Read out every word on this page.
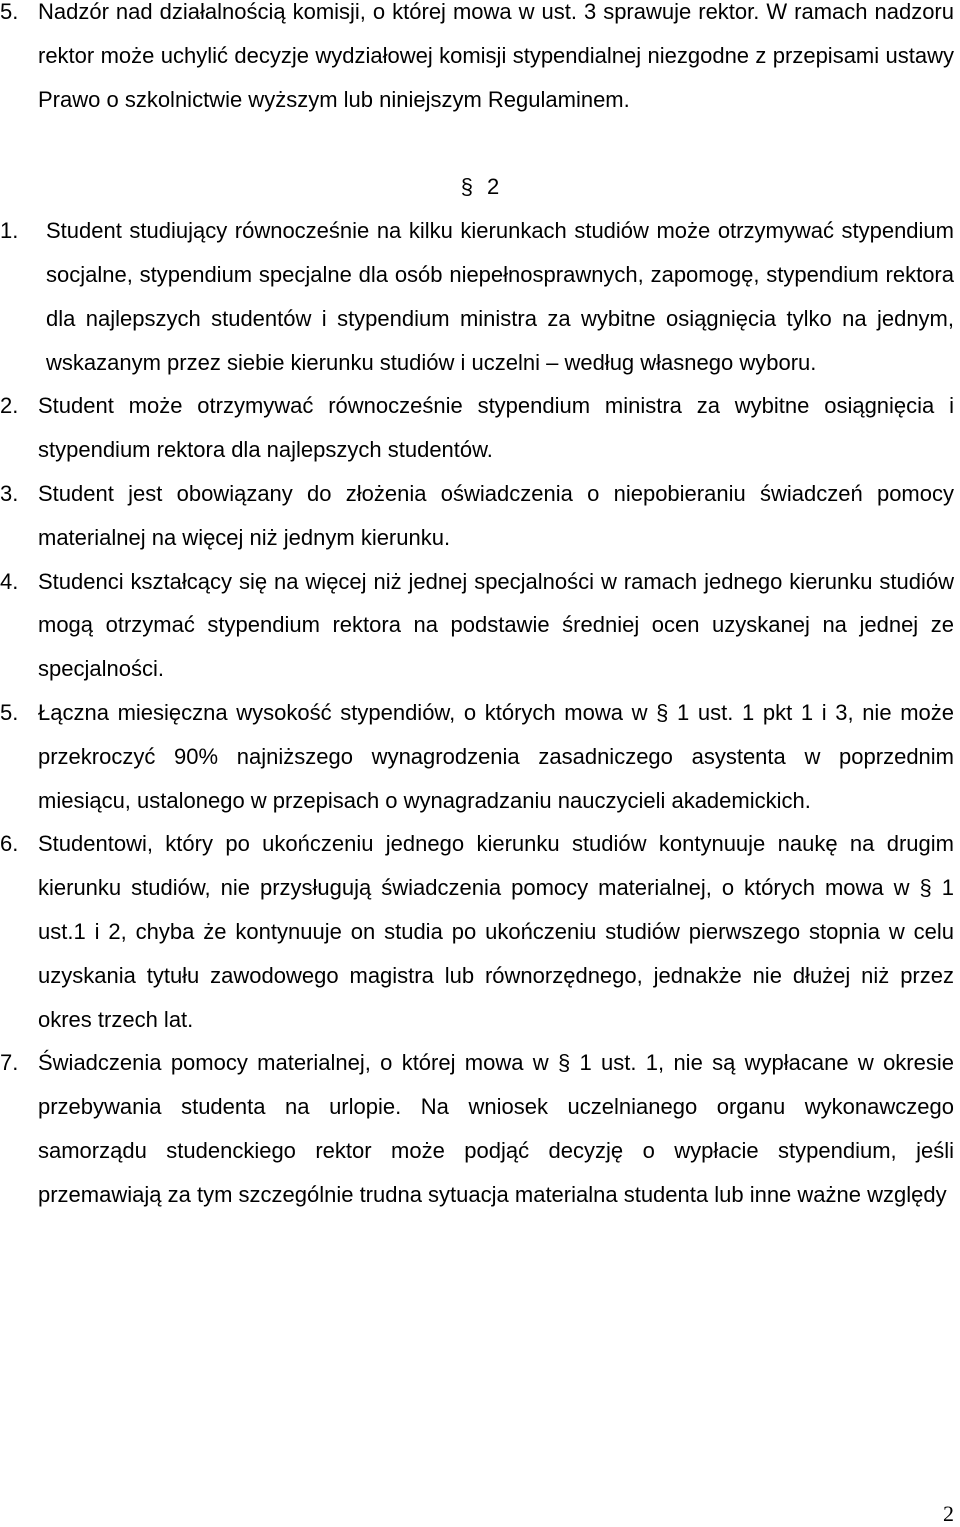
5. Nadzór nad działalnością komisji, o której mowa w ust. 3 sprawuje rektor. W ramach nadzoru rektor może uchylić decyzje wydziałowej komisji stypendialnej niezgodne z przepisami ustawy Prawo o szkolnictwie wyższym lub niniejszym Regulaminem.

§ 2

1. Student studiujący równocześnie na kilku kierunkach studiów może otrzymywać stypendium socjalne, stypendium specjalne dla osób niepełnosprawnych, zapomogę, stypendium rektora dla najlepszych studentów i stypendium ministra za wybitne osiągnięcia tylko na jednym, wskazanym przez siebie kierunku studiów i uczelni – według własnego wyboru.

2. Student może otrzymywać równocześnie stypendium ministra za wybitne osiągnięcia i stypendium rektora dla najlepszych studentów.

3. Student jest obowiązany do złożenia oświadczenia o niepobieraniu świadczeń pomocy materialnej na więcej niż jednym kierunku.

4. Studenci kształcący się na więcej niż jednej specjalności w ramach jednego kierunku studiów mogą otrzymać stypendium rektora na podstawie średniej ocen uzyskanej na jednej ze specjalności.

5. Łączna miesięczna wysokość stypendiów, o których mowa w § 1 ust. 1 pkt 1 i 3, nie może przekroczyć 90% najniższego wynagrodzenia zasadniczego asystenta w poprzednim miesiącu, ustalonego w przepisach o wynagradzaniu nauczycieli akademickich.

6. Studentowi, który po ukończeniu jednego kierunku studiów kontynuuje naukę na drugim kierunku studiów, nie przysługują świadczenia pomocy materialnej, o których mowa w § 1 ust.1 i 2, chyba że kontynuuje on studia po ukończeniu studiów pierwszego stopnia w celu uzyskania tytułu zawodowego magistra lub równorzędnego, jednakże nie dłużej niż przez okres trzech lat.

7. Świadczenia pomocy materialnej, o której mowa w § 1 ust. 1, nie są wypłacane w okresie przebywania studenta na urlopie. Na wniosek uczelnianego organu wykonawczego samorządu studenckiego rektor może podjąć decyzję o wypłacie stypendium, jeśli przemawiają za tym szczególnie trudna sytuacja materialna studenta lub inne ważne względy

2
